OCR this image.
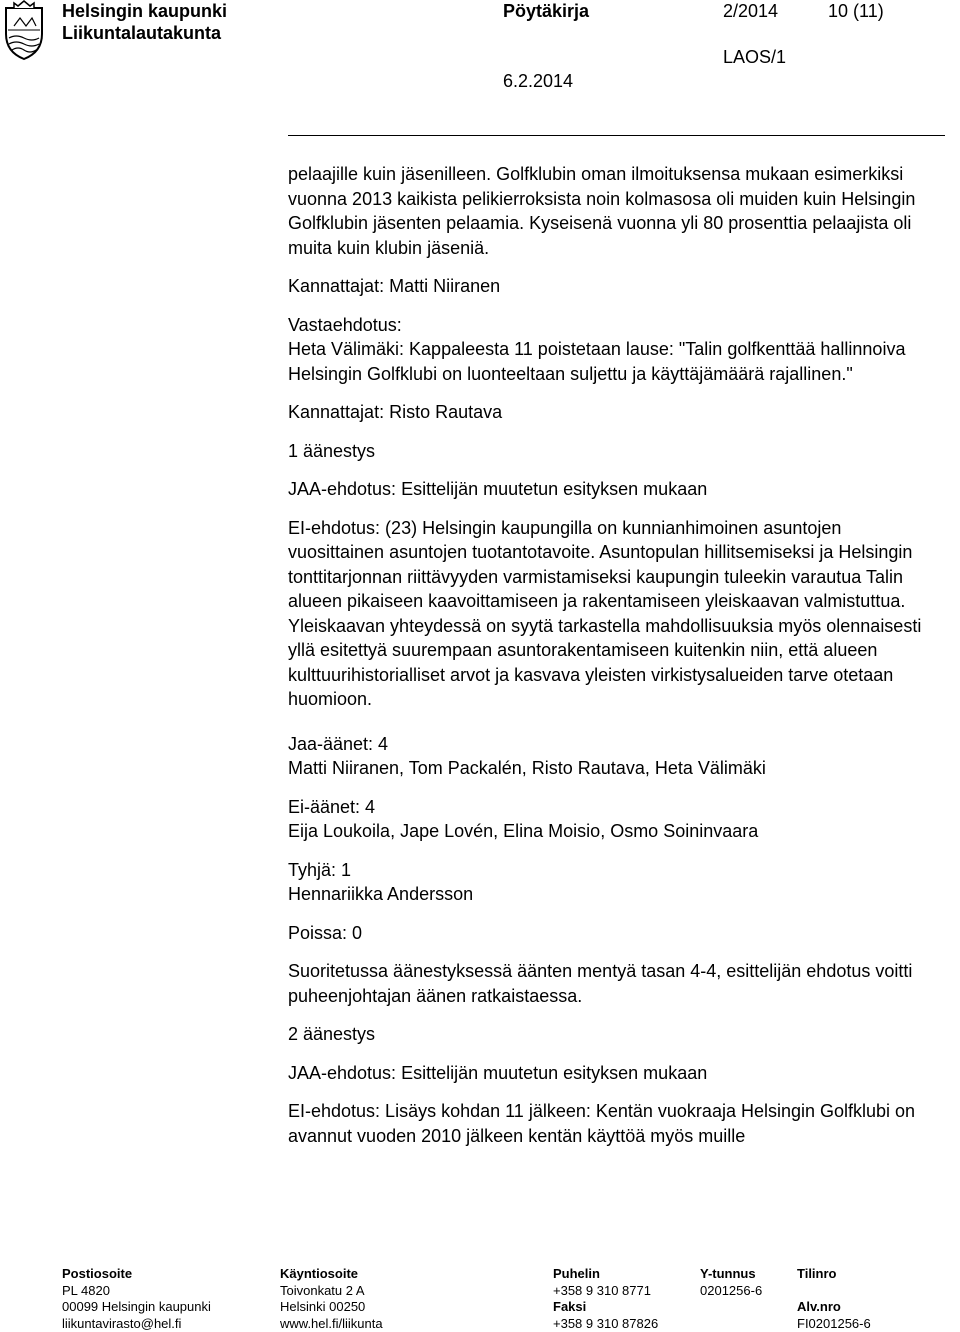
Helsingin kaupunki
Liikuntalautakunta
Pöytäkirja
6.2.2014
2/2014	10 (11)
LAOS/1

pelaajille kuin jäsenilleen. Golfklubin oman ilmoituksensa mukaan esimerkiksi vuonna 2013 kaikista pelikierroksista noin kolmasosa oli muiden kuin Helsingin Golfklubin jäsenten pelaamia. Kyseisenä vuonna yli 80 prosenttia pelaajista oli muita kuin klubin jäseniä.

Kannattajat: Matti Niiranen

Vastaehdotus:

Heta Välimäki: Kappaleesta 11 poistetaan lause: "Talin golfkenttää hallinnoiva Helsingin Golfklubi on luonteeltaan suljettu ja käyttäjämäärä rajallinen."

Kannattajat: Risto Rautava

1 äänestys

JAA-ehdotus: Esittelijän muutetun esityksen mukaan

EI-ehdotus: (23) Helsingin kaupungilla on kunnianhimoinen asuntojen vuosittainen asuntojen tuotantotavoite. Asuntopulan hillitsemiseksi ja Helsingin tonttitarjonnan riittävyyden varmistamiseksi kaupungin tuleekin varautua Talin alueen pikaiseen kaavoittamiseen ja rakentamiseen yleiskaavan valmistuttua. Yleiskaavan yhteydessä on syytä tarkastella mahdollisuuksia myös olennaisesti yllä esitettyä suurempaan asuntorakentamiseen kuitenkin niin, että alueen kulttuurihistorialliset arvot ja kasvava yleisten virkistysalueiden tarve otetaan huomioon.

Jaa-äänet: 4

Matti Niiranen, Tom Packalén, Risto Rautava, Heta Välimäki

Ei-äänet: 4

Eija Loukoila, Jape Lovén, Elina Moisio, Osmo Soininvaara

Tyhjä: 1

Hennariikka Andersson

Poissa: 0

Suoritetussa äänestyksessä äänten mentyä tasan 4-4, esittelijän ehdotus voitti puheenjohtajan äänen ratkaistaessa.

2 äänestys

JAA-ehdotus: Esittelijän muutetun esityksen mukaan

EI-ehdotus: Lisäys kohdan 11 jälkeen: Kentän vuokraaja Helsingin Golfklubi on avannut vuoden 2010 jälkeen kentän käyttöä myös muille

Postiosoite
PL 4820
00099 Helsingin kaupunki
liikuntavirasto@hel.fi
Käyntiosoite
Toivonkatu 2 A
Helsinki 00250
www.hel.fi/liikunta
Puhelin
+358 9 310 8771
Faksi
+358 9 310 87826
Y-tunnus
0201256-6
Tilinro

Alv.nro
FI0201256-6
